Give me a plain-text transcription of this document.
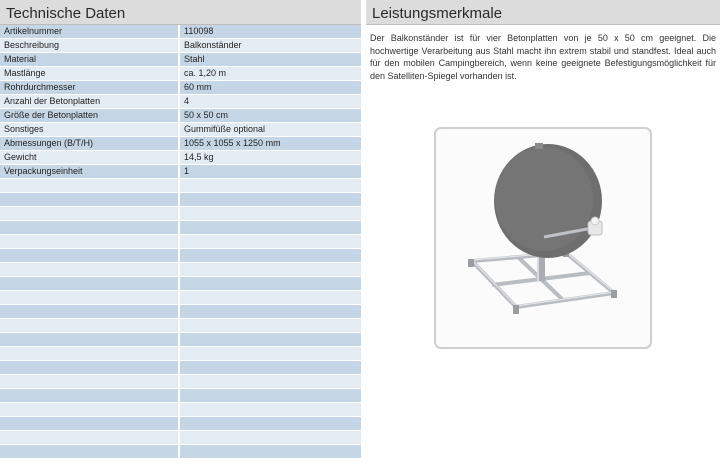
Technische Daten
Artikelnummer	110098
Beschreibung	Balkonständer
Material	Stahl
Mastlänge	ca. 1,20 m
Rohrdurchmesser	60 mm
Anzahl der Betonplatten	4
Größe der Betonplatten	50 x 50 cm
Sonstiges	Gummifüße optional
Abmessungen (B/T/H)	1055 x 1055 x 1250 mm
Gewicht	14,5 kg
Verpackungseinheit	1

Leistungsmerkmale

Der Balkonständer ist für vier Betonplatten von je 50 x 50 cm geeignet. Die hochwertige Verarbeitung aus Stahl macht ihn extrem stabil und standfest. Ideal auch für den mobilen Campingbereich, wenn keine geeignete Befestigungsmöglichkeit für den Satelliten-Spiegel vorhanden ist.
